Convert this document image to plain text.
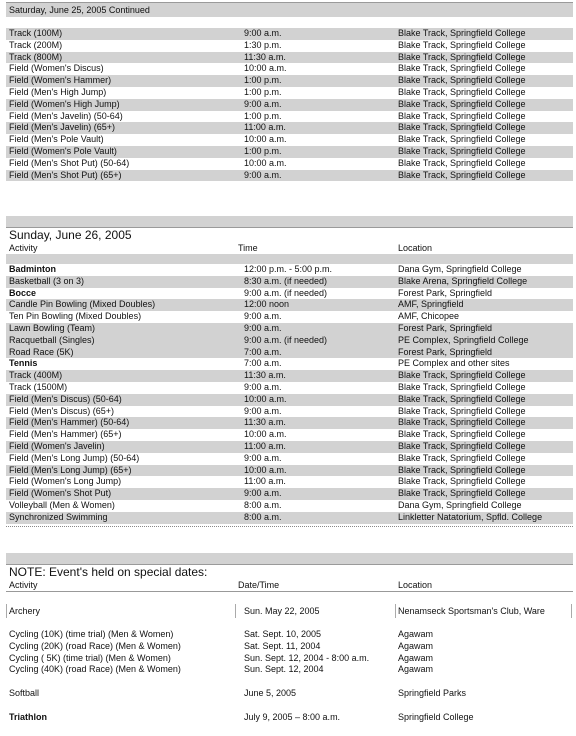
Saturday, June 25, 2005 Continued
Track (100M)	9:00 a.m.	Blake Track, Springfield College
Track (200M)	1:30 p.m.	Blake Track, Springfield College
Track (800M)	11:30 a.m.	Blake Track, Springfield College
Field (Women's Discus)	10:00 a.m.	Blake Track, Springfield College
Field (Women's Hammer)	1:00 p.m.	Blake Track, Springfield College
Field (Men's High Jump)	1:00 p.m.	Blake Track, Springfield College
Field (Women's High Jump)	9:00 a.m.	Blake Track, Springfield College
Field (Men's Javelin) (50-64)	1:00 p.m.	Blake Track, Springfield College
Field (Men's Javelin) (65+)	11:00 a.m.	Blake Track, Springfield College
Field (Men's Pole Vault)	10:00 a.m.	Blake Track, Springfield College
Field (Women's Pole Vault)	1:00 p.m.	Blake Track, Springfield College
Field (Men's Shot Put) (50-64)	10:00 a.m.	Blake Track, Springfield College
Field (Men's Shot Put) (65+)	9:00 a.m.	Blake Track, Springfield College
Sunday, June 26, 2005
Activity	Time	Location
Badminton	12:00 p.m. - 5:00 p.m.	Dana Gym, Springfield College
Basketball (3 on 3)	8:30 a.m. (if needed)	Blake Arena, Springfield College
Bocce	9:00 a.m. (if needed)	Forest Park, Springfield
Candle Pin Bowling (Mixed Doubles)	12:00 noon	AMF, Springfield
Ten Pin Bowling (Mixed Doubles)	9:00 a.m.	AMF, Chicopee
Lawn Bowling (Team)	9:00 a.m.	Forest Park, Springfield
Racquetball (Singles)	9:00 a.m. (if needed)	PE Complex, Springfield College
Road Race (5K)	7:00 a.m.	Forest Park, Springfield
Tennis	7:00 a.m.	PE Complex and other sites
Track (400M)	11:30 a.m.	Blake Track, Springfield College
Track (1500M)	9:00 a.m.	Blake Track, Springfield College
Field (Men's Discus) (50-64)	10:00 a.m.	Blake Track, Springfield College
Field (Men's Discus) (65+)	9:00 a.m.	Blake Track, Springfield College
Field (Men's Hammer) (50-64)	11:30 a.m.	Blake Track, Springfield College
Field (Men's Hammer) (65+)	10:00 a.m.	Blake Track, Springfield College
Field (Women's Javelin)	11:00 a.m.	Blake Track, Springfield College
Field (Men's Long Jump) (50-64)	9:00 a.m.	Blake Track, Springfield College
Field (Men's Long Jump) (65+)	10:00 a.m.	Blake Track, Springfield College
Field (Women's Long Jump)	11:00 a.m.	Blake Track, Springfield College
Field (Women's Shot Put)	9:00 a.m.	Blake Track, Springfield College
Volleyball (Men & Women)	8:00 a.m.	Dana Gym, Springfield College
Synchronized Swimming	8:00 a.m.	Linkletter Natatorium, Spfld. College
NOTE: Event's held on special dates:
Activity	Date/Time	Location
Archery	Sun. May 22, 2005	Nenamseck Sportsman's Club, Ware
Cycling (10K) (time trial) (Men & Women)	Sat. Sept. 10, 2005	Agawam
Cycling (20K) (road Race) (Men & Women)	Sat. Sept. 11, 2004	Agawam
Cycling ( 5K) (time trial) (Men & Women)	Sun. Sept. 12, 2004 - 8:00 a.m.	Agawam
Cycling (40K) (road Race) (Men & Women)	Sun. Sept. 12, 2004	Agawam
Softball	June 5, 2005	Springfield Parks
Triathlon	July 9, 2005 – 8:00 a.m.	Springfield College
